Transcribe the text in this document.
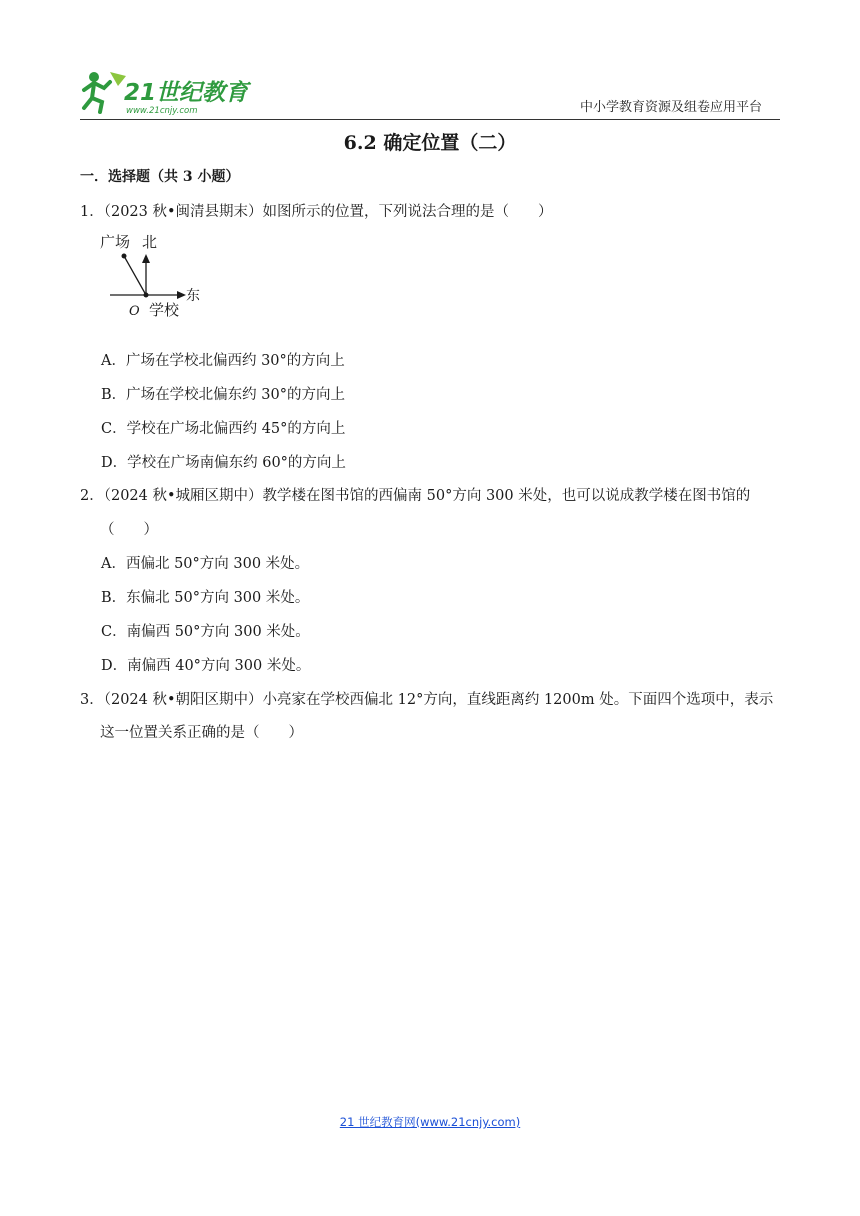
21世纪教育
www.21cnjy.com	中小学教育资源及组卷应用平台
6.2 确定位置（二）
一．选择题（共 3 小题）
1．（2023 秋•闽清县期末）如图所示的位置，下列说法合理的是（　　）
广场 北
东
O 学校
A．广场在学校北偏西约 30°的方向上
B．广场在学校北偏东约 30°的方向上
C．学校在广场北偏西约 45°的方向上
D．学校在广场南偏东约 60°的方向上
2．（2024 秋•城厢区期中）教学楼在图书馆的西偏南 50°方向 300 米处，也可以说成教学楼在图书馆的
（　　）
A．西偏北 50°方向 300 米处。
B．东偏北 50°方向 300 米处。
C．南偏西 50°方向 300 米处。
D．南偏西 40°方向 300 米处。
3．（2024 秋•朝阳区期中）小亮家在学校西偏北 12°方向，直线距离约 1200m 处。下面四个选项中，表示
这一位置关系正确的是（　　）
21 世纪教育网(www.21cnjy.com)
